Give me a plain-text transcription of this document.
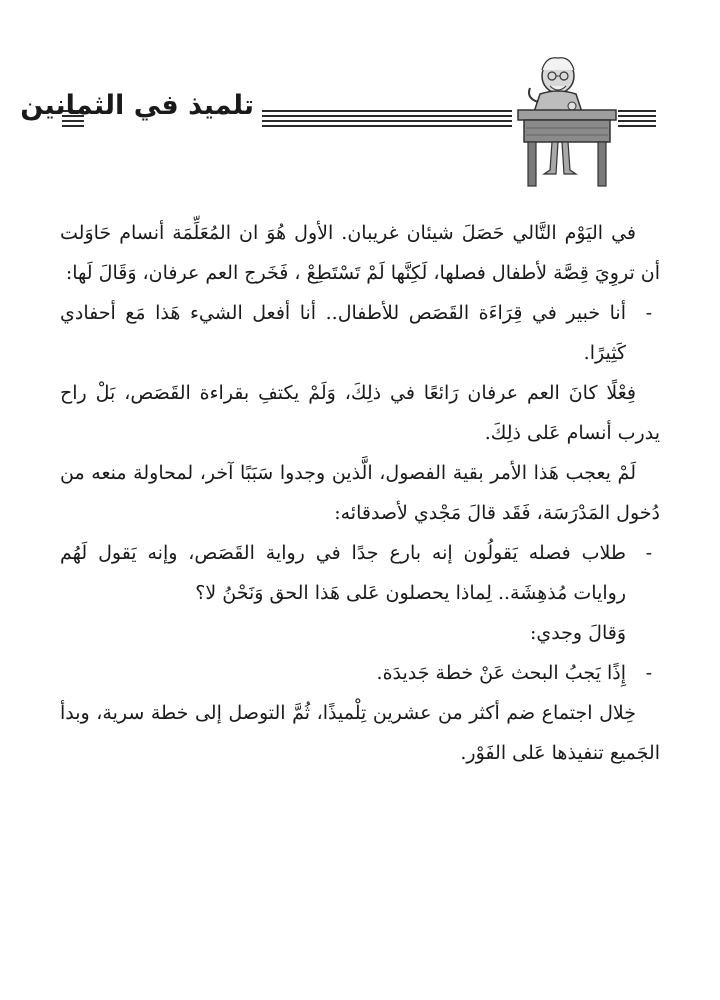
تلميذ في الثمانين

في اليَوْم التَّالي حَصَلَ شيئان غريبان. الأول هُوَ ان المُعَلِّمَة أنسام حَاوَلت أن تروِيَ قِصَّة لأطفال فصلها، لَكِنَّها لَمْ تَسْتَطِعْ ، فَخَرج العم عرفان، وَقَالَ لَها:

-
أنا خبير في قِرَاءَة القَصَص للأطفال.. أنا أفعل الشيء هَذا مَع أحفادي كَثِيرًا.

فِعْلًا كانَ العم عرفان رَائعًا في ذلِكَ، وَلَمْ يكتفِ بقراءة القَصَص، بَلْ راح يدرب أنسام عَلى ذلِكَ.

لَمْ يعجب هَذا الأمر بقية الفصول، الَّذين وجدوا سَبَبًا آخر، لمحاولة منعه من دُخول المَدْرَسَة، فَقَد قالَ مَجْدي لأصدقائه:

-
طلاب فصله يَقولُون إنه بارع جدًا في رواية القَصَص، وإنه يَقول لَهُم روايات مُذهِشَة.. لِماذا يحصلون عَلى هَذا الحق وَنَحْنُ لا؟

وَقالَ وجدي:

-
إِذًا يَجبُ البحث عَنْ خطة جَديدَة.

خِلال اجتماع ضم أكثر من عشرين تِلْميذًا، ثُمَّ التوصل إلى خطة سرية، وبدأ الجَميع تنفيذها عَلى الفَوْر.
